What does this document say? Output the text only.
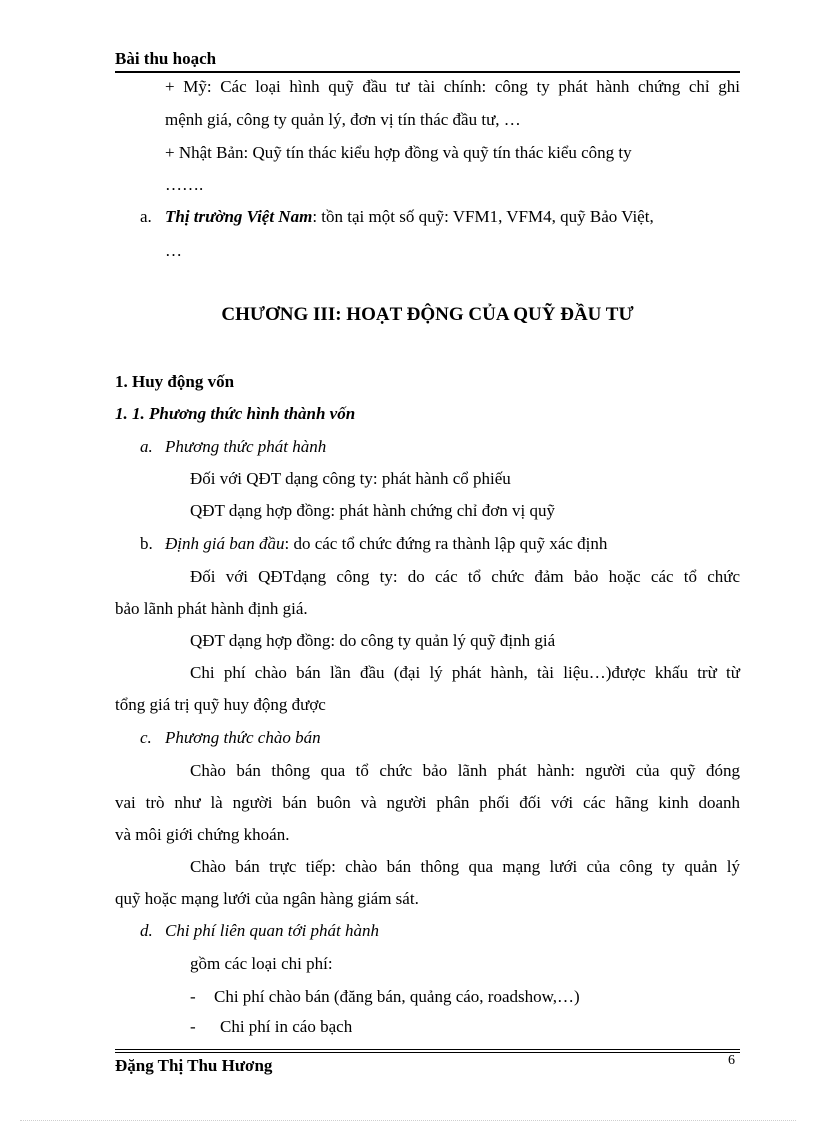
Bài thu hoạch
+ Mỹ: Các loại hình quỹ đầu tư tài chính: công ty phát hành chứng chỉ ghi
mệnh giá, công ty quản lý, đơn vị tín thác đầu tư, …
+ Nhật Bản: Quỹ tín thác kiểu hợp đồng và quỹ tín thác kiểu công ty
…….
a. Thị trường Việt Nam: tồn tại một số quỹ: VFM1, VFM4, quỹ Bảo Việt,
…
CHƯƠNG III: HOẠT ĐỘNG CỦA QUỸ ĐẦU TƯ
1. Huy động vốn
1. 1. Phương thức hình thành vốn
a. Phương thức phát hành
Đối với QĐT dạng công ty: phát hành cổ phiếu
QĐT dạng hợp đồng: phát hành chứng chỉ đơn vị quỹ
b. Định giá ban đầu: do các tổ chức đứng ra thành lập quỹ xác định
Đối với QĐTdạng công ty: do các tổ chức đảm bảo hoặc các tổ chức
bảo lãnh phát hành định giá.
QĐT dạng hợp đồng: do công ty quản lý quỹ định giá
Chi phí chào bán lần đầu (đại lý phát hành, tài liệu…)được khấu trừ từ
tổng giá trị quỹ huy động được
c. Phương thức chào bán
Chào bán thông qua tổ chức bảo lãnh phát hành: người của quỹ đóng
vai trò như là người bán buôn và người phân phối đối với các hãng kinh doanh
và môi giới chứng khoán.
Chào bán trực tiếp: chào bán thông qua mạng lưới của công ty quản lý
quỹ hoặc mạng lưới của ngân hàng giám sát.
d. Chi phí liên quan tới phát hành
gồm các loại chi phí:
- Chi phí chào bán (đăng bán, quảng cáo, roadshow,…)
- Chi phí in cáo bạch
Đặng Thị Thu Hương	6
